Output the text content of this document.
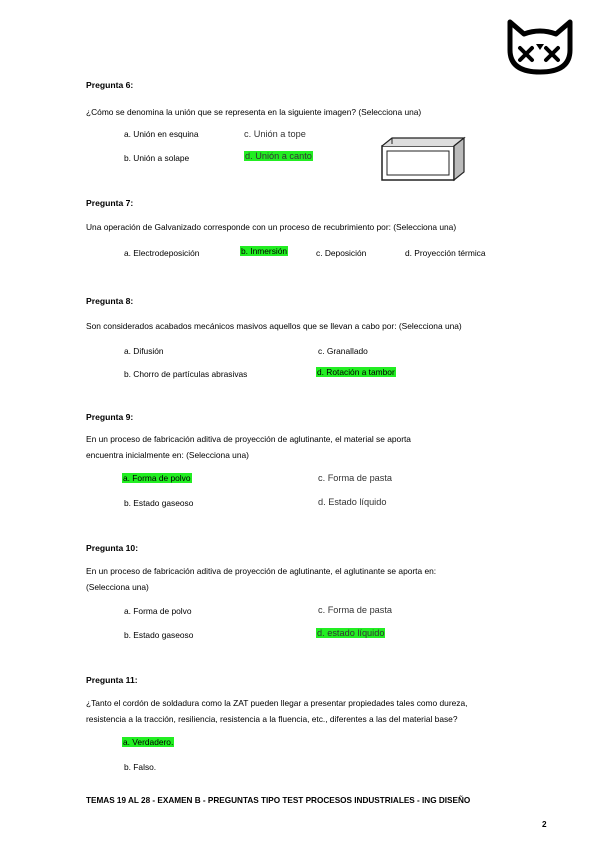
Pregunta 6:
¿Cómo se denomina la unión que se representa en la siguiente imagen? (Selecciona una)
a. Unión en esquina	c. Unión a tope
b. Unión a solape	d. Unión a canto
Pregunta 7:
Una operación de Galvanizado corresponde con un proceso de recubrimiento por: (Selecciona una)
a. Electrodeposición	b. Inmersión	c. Deposición	d. Proyección térmica
Pregunta 8:
Son considerados acabados mecánicos masivos aquellos que se llevan a cabo por: (Selecciona una)
a. Difusión	c. Granallado
b. Chorro de partículas abrasivas	d. Rotación a tambor
Pregunta 9:
En un proceso de fabricación aditiva de proyección de aglutinante, el material se aporta
encuentra inicialmente en: (Selecciona una)
a. Forma de polvo	c. Forma de pasta
b. Estado gaseoso	d. Estado líquido
Pregunta 10:
En un proceso de fabricación aditiva de proyección de aglutinante, el aglutinante se aporta en:
(Selecciona una)
a. Forma de polvo	c. Forma de pasta
b. Estado gaseoso	d. estado líquido
Pregunta 11:
¿Tanto el cordón de soldadura como la ZAT pueden llegar a presentar propiedades tales como dureza,
resistencia a la tracción, resiliencia, resistencia a la fluencia, etc., diferentes a las del material base?
a. Verdadero.
b. Falso.
TEMAS 19 AL 28 - EXAMEN B - PREGUNTAS TIPO TEST PROCESOS INDUSTRIALES - ING DISEÑO
2
